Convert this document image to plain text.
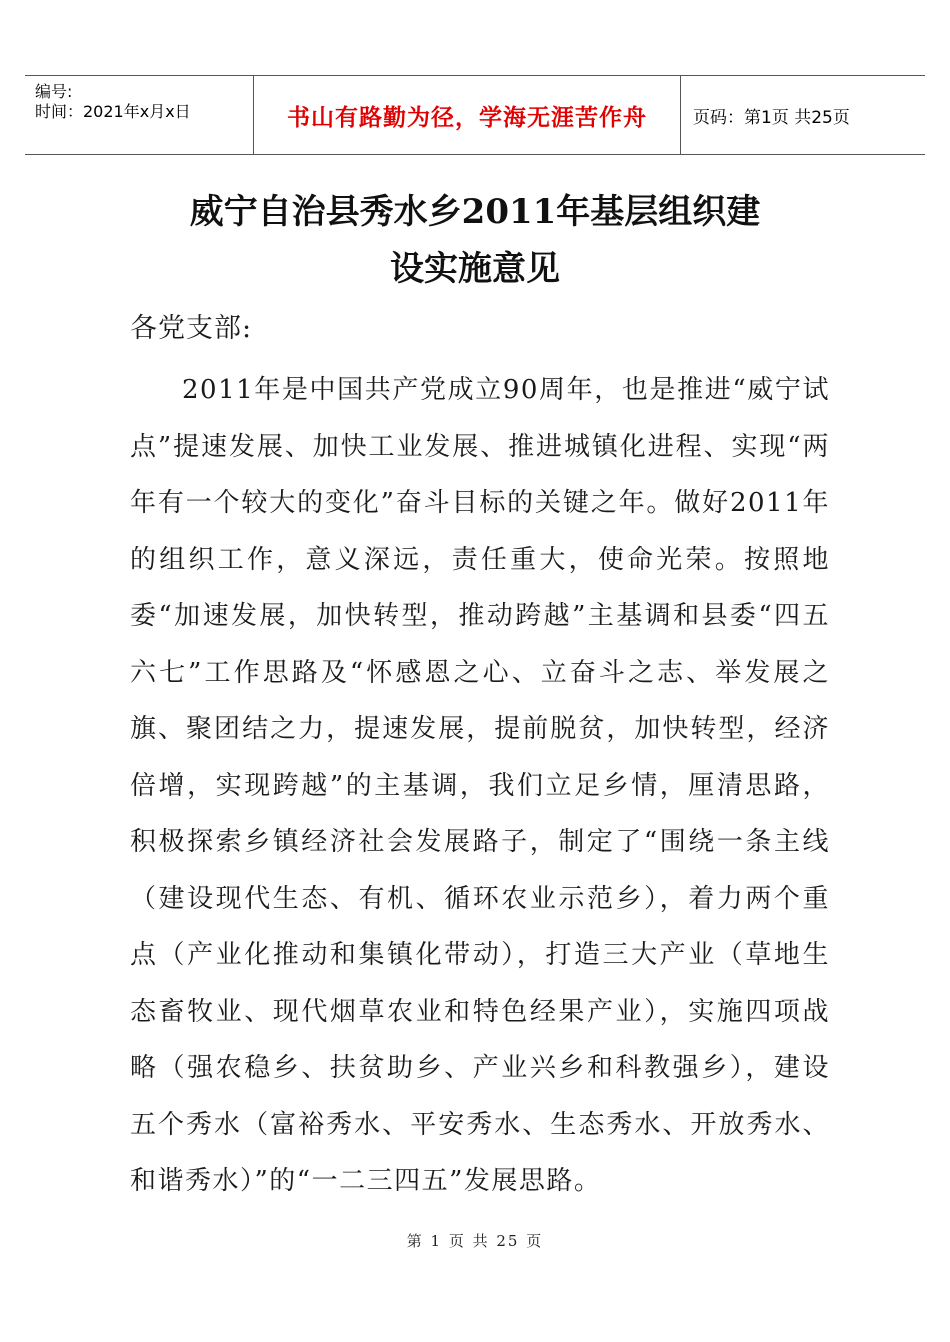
编号:
时间：2021年x月x日	书山有路勤为径，学海无涯苦作舟	页码：第1页 共25页
威宁自治县秀水乡2011年基层组织建
设实施意见
各党支部:

2011年是中国共产党成立90周年，也是推进“威宁试点”提速发展、加快工业发展、推进城镇化进程、实现“两年有一个较大的变化”奋斗目标的关键之年。做好2011年的组织工作，意义深远，责任重大，使命光荣。按照地委“加速发展，加快转型，推动跨越”主基调和县委“四五六七”工作思路及“怀感恩之心、立奋斗之志、举发展之旗、聚团结之力，提速发展，提前脱贫，加快转型，经济倍增，实现跨越”的主基调，我们立足乡情，厘清思路，积极探索乡镇经济社会发展路子，制定了“围绕一条主线（建设现代生态、有机、循环农业示范乡），着力两个重点（产业化推动和集镇化带动），打造三大产业（草地生态畜牧业、现代烟草农业和特色经果产业），实施四项战略（强农稳乡、扶贫助乡、产业兴乡和科教强乡），建设五个秀水（富裕秀水、平安秀水、生态秀水、开放秀水、和谐秀水）”的“一二三四五”发展思路。

第 1 页 共 25 页
